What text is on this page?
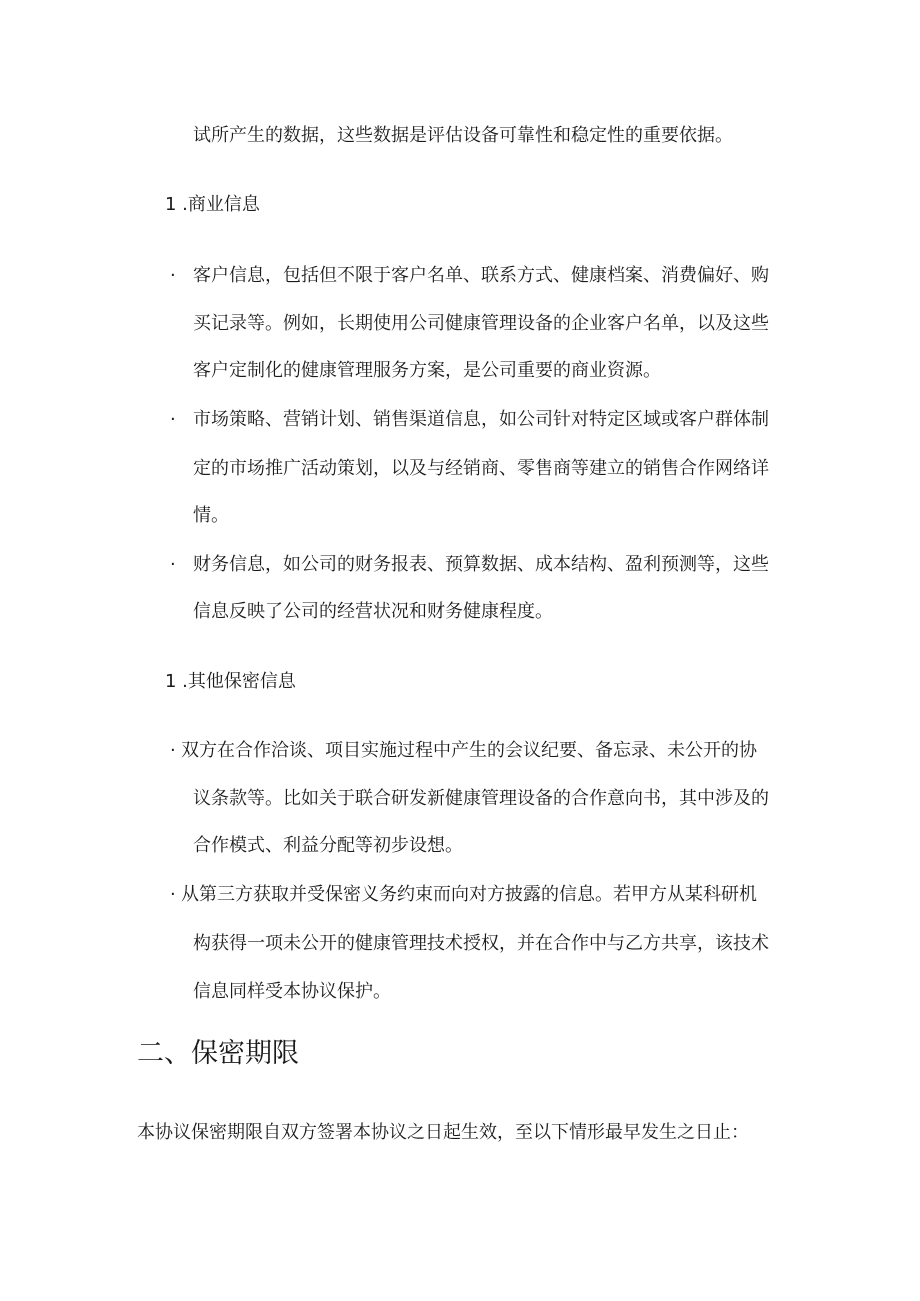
试所产生的数据，这些数据是评估设备可靠性和稳定性的重要依据。
1 .商业信息
· 客户信息，包括但不限于客户名单、联系方式、健康档案、消费偏好、购
买记录等。例如，长期使用公司健康管理设备的企业客户名单，以及这些
客户定制化的健康管理服务方案，是公司重要的商业资源。
· 市场策略、营销计划、销售渠道信息，如公司针对特定区域或客户群体制
定的市场推广活动策划，以及与经销商、零售商等建立的销售合作网络详
情。
· 财务信息，如公司的财务报表、预算数据、成本结构、盈利预测等，这些
信息反映了公司的经营状况和财务健康程度。
1 .其他保密信息
· 双方在合作洽谈、项目实施过程中产生的会议纪要、备忘录、未公开的协
议条款等。比如关于联合研发新健康管理设备的合作意向书，其中涉及的
合作模式、利益分配等初步设想。
· 从第三方获取并受保密义务约束而向对方披露的信息。若甲方从某科研机
构获得一项未公开的健康管理技术授权，并在合作中与乙方共享，该技术
信息同样受本协议保护。
二、保密期限
本协议保密期限自双方签署本协议之日起生效，至以下情形最早发生之日止：
